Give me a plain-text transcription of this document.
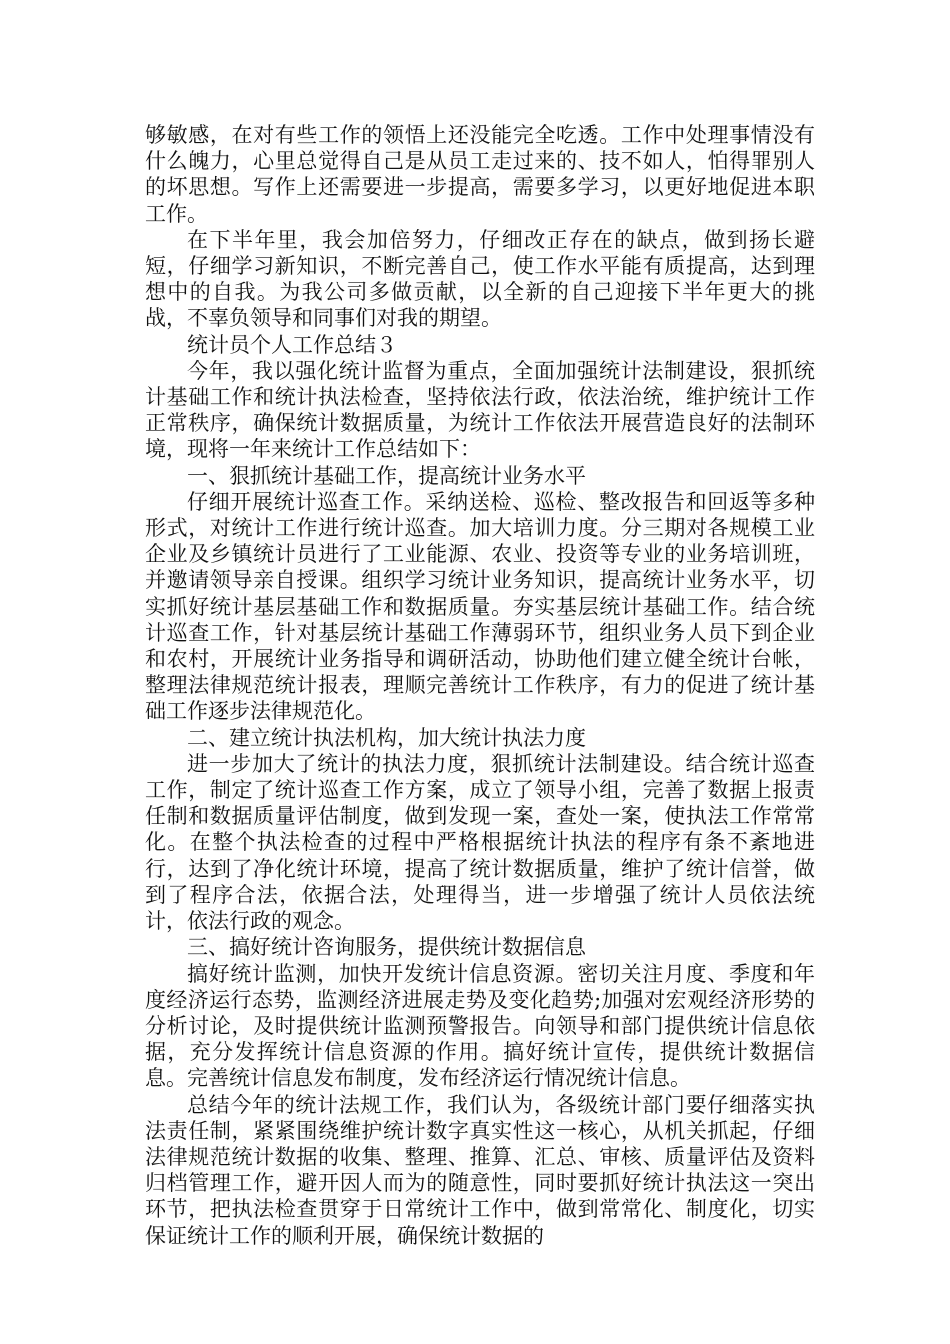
够敏感，在对有些工作的领悟上还没能完全吃透。工作中处理事情没有什么魄力，心里总觉得自己是从员工走过来的、技不如人，怕得罪别人的坏思想。写作上还需要进一步提高，需要多学习，以更好地促进本职工作。

在下半年里，我会加倍努力，仔细改正存在的缺点，做到扬长避短，仔细学习新知识，不断完善自己，使工作水平能有质提高，达到理想中的自我。为我公司多做贡献，以全新的自己迎接下半年更大的挑战，不辜负领导和同事们对我的期望。

统计员个人工作总结３

今年，我以强化统计监督为重点，全面加强统计法制建设，狠抓统计基础工作和统计执法检查，坚持依法行政，依法治统，维护统计工作正常秩序，确保统计数据质量，为统计工作依法开展营造良好的法制环境，现将一年来统计工作总结如下：

一、狠抓统计基础工作，提高统计业务水平

仔细开展统计巡查工作。采纳送检、巡检、整改报告和回返等多种形式，对统计工作进行统计巡查。加大培训力度。分三期对各规模工业企业及乡镇统计员进行了工业能源、农业、投资等专业的业务培训班，并邀请领导亲自授课。组织学习统计业务知识，提高统计业务水平，切实抓好统计基层基础工作和数据质量。夯实基层统计基础工作。结合统计巡查工作，针对基层统计基础工作薄弱环节，组织业务人员下到企业和农村，开展统计业务指导和调研活动，协助他们建立健全统计台帐，整理法律规范统计报表，理顺完善统计工作秩序，有力的促进了统计基础工作逐步法律规范化。

二、建立统计执法机构，加大统计执法力度

进一步加大了统计的执法力度，狠抓统计法制建设。结合统计巡查工作，制定了统计巡查工作方案，成立了领导小组，完善了数据上报责任制和数据质量评估制度，做到发现一案，查处一案，使执法工作常常化。在整个执法检查的过程中严格根据统计执法的程序有条不紊地进行，达到了净化统计环境，提高了统计数据质量，维护了统计信誉，做到了程序合法，依据合法，处理得当，进一步增强了统计人员依法统计，依法行政的观念。

三、搞好统计咨询服务，提供统计数据信息

搞好统计监测，加快开发统计信息资源。密切关注月度、季度和年度经济运行态势，监测经济进展走势及变化趋势;加强对宏观经济形势的分析讨论，及时提供统计监测预警报告。向领导和部门提供统计信息依据，充分发挥统计信息资源的作用。搞好统计宣传，提供统计数据信息。完善统计信息发布制度，发布经济运行情况统计信息。

总结今年的统计法规工作，我们认为，各级统计部门要仔细落实执法责任制，紧紧围绕维护统计数字真实性这一核心，从机关抓起，仔细法律规范统计数据的收集、整理、推算、汇总、审核、质量评估及资料归档管理工作，避开因人而为的随意性，同时要抓好统计执法这一突出环节，把执法检查贯穿于日常统计工作中，做到常常化、制度化，切实保证统计工作的顺利开展，确保统计数据的
